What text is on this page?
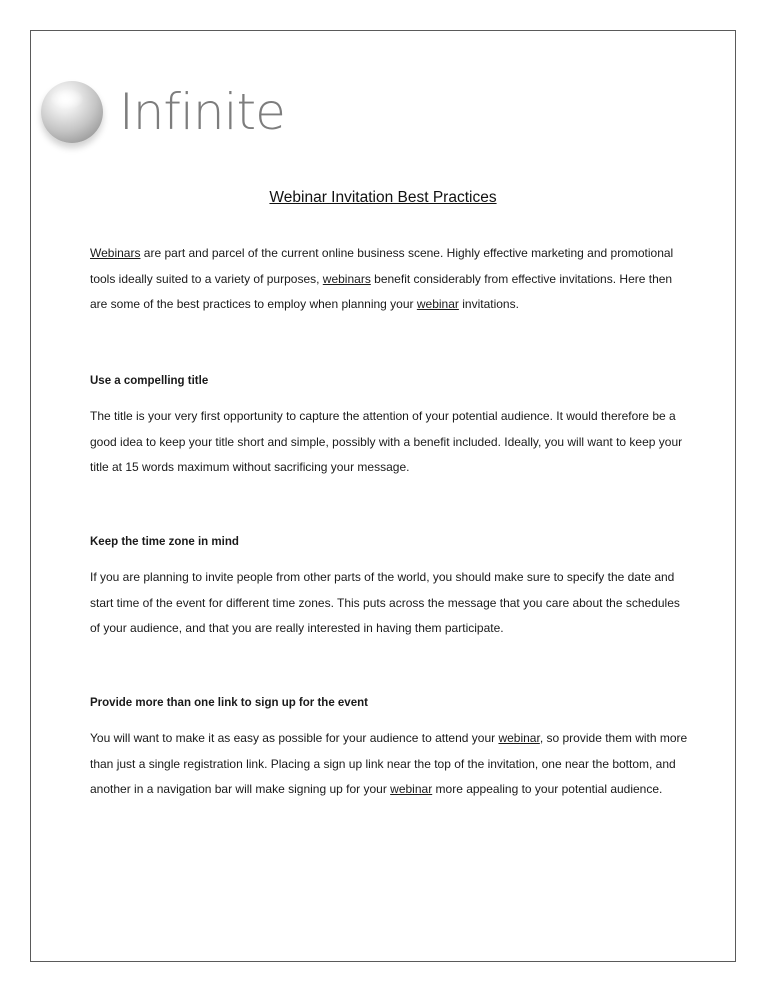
Infinite
Webinar Invitation Best Practices

Webinars are part and parcel of the current online business scene. Highly effective marketing and promotional tools ideally suited to a variety of purposes, webinars benefit considerably from effective invitations. Here then are some of the best practices to employ when planning your webinar invitations.

Use a compelling title

The title is your very first opportunity to capture the attention of your potential audience. It would therefore be a good idea to keep your title short and simple, possibly with a benefit included. Ideally, you will want to keep your title at 15 words maximum without sacrificing your message.

Keep the time zone in mind

If you are planning to invite people from other parts of the world, you should make sure to specify the date and start time of the event for different time zones. This puts across the message that you care about the schedules of your audience, and that you are really interested in having them participate.

Provide more than one link to sign up for the event

You will want to make it as easy as possible for your audience to attend your webinar, so provide them with more than just a single registration link. Placing a sign up link near the top of the invitation, one near the bottom, and another in a navigation bar will make signing up for your webinar more appealing to your potential audience.
